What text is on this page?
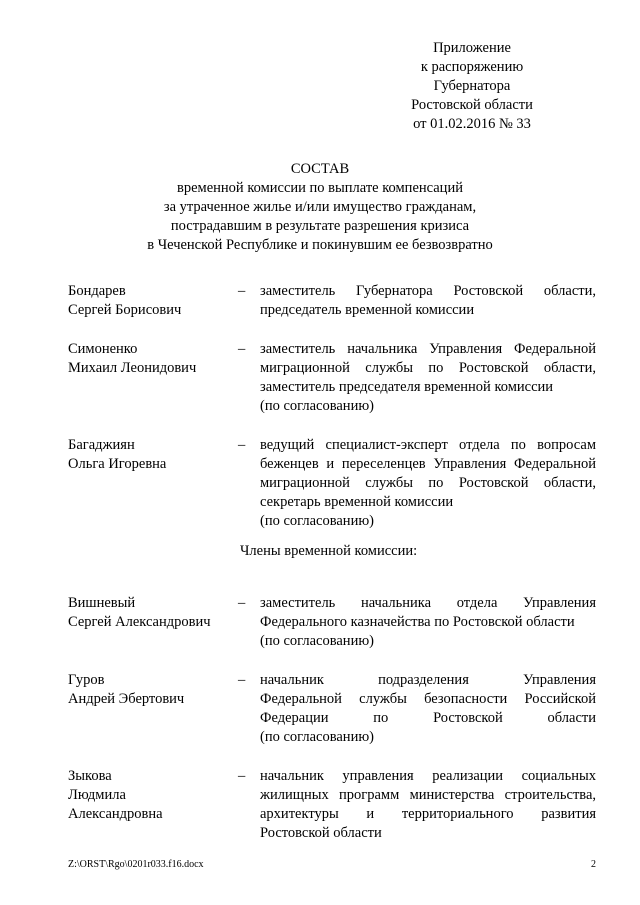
Приложение
к распоряжению
Губернатора
Ростовской области
от 01.02.2016 № 33
СОСТАВ
временной комиссии по выплате компенсаций
за утраченное жилье и/или имущество гражданам,
пострадавшим в результате разрешения кризиса
в Чеченской Республике и покинувшим ее безвозвратно
Бондарев
Сергей Борисович
–	заместитель Губернатора Ростовской области,
председатель временной комиссии
Симоненко
Михаил Леонидович
–	заместитель начальника Управления Федеральной
миграционной службы по Ростовской области,
заместитель председателя временной комиссии
(по согласованию)
Багаджиян
Ольга Игоревна
–	ведущий специалист-эксперт отдела по вопросам
беженцев и переселенцев Управления Федеральной
миграционной службы по Ростовской области,
секретарь временной комиссии
(по согласованию)
Члены временной комиссии:
Вишневый
Сергей Александрович
–	заместитель начальника отдела Управления
Федерального казначейства по Ростовской области
(по согласованию)
Гуров
Андрей Эбертович
–	начальник подразделения Управления
Федеральной службы безопасности Российской
Федерации по Ростовской области
(по согласованию)
Зыкова
Людмила
Александровна
–	начальник управления реализации социальных
жилищных программ министерства строительства,
архитектуры и территориального развития
Ростовской области
Z:\ORST\Rgo\0201r033.f16.docx	2
